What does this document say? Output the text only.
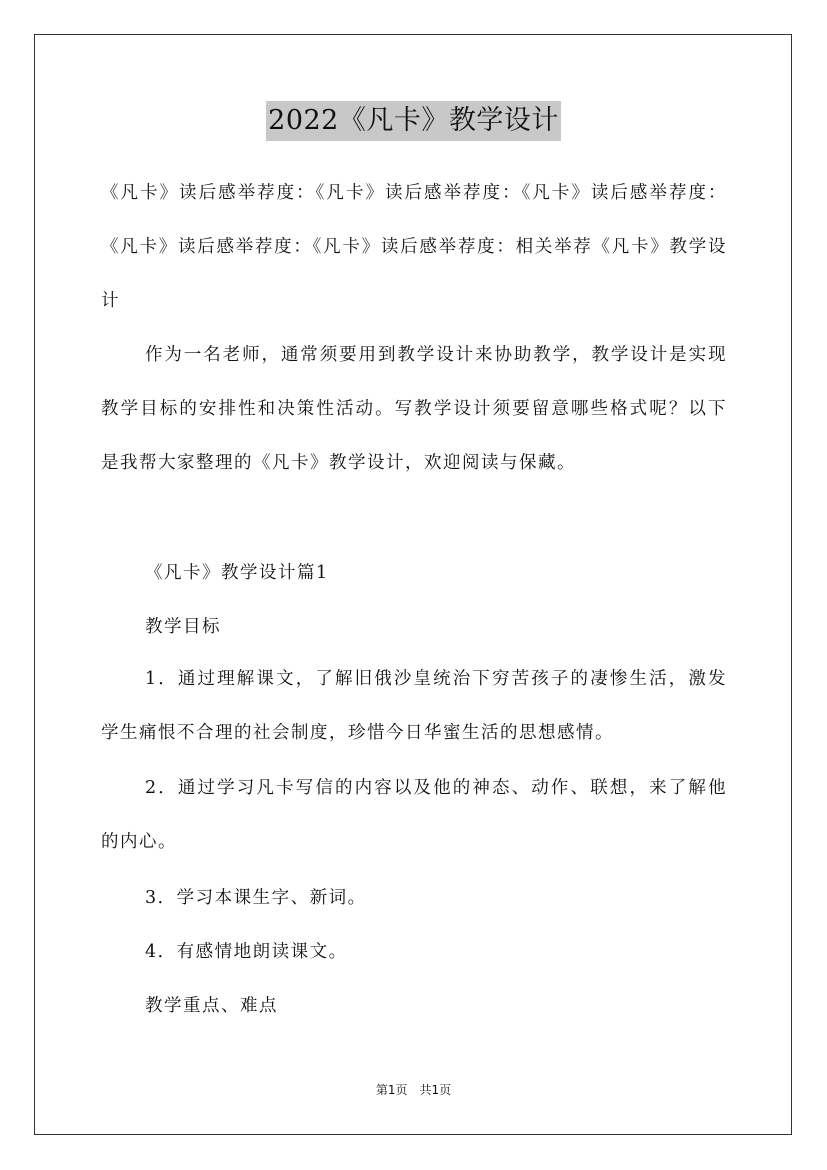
2022《凡卡》教学设计

《凡卡》读后感举荐度：《凡卡》读后感举荐度：《凡卡》读后感举荐度：《凡卡》读后感举荐度：《凡卡》读后感举荐度：相关举荐《凡卡》教学设计

作为一名老师，通常须要用到教学设计来协助教学，教学设计是实现教学目标的安排性和决策性活动。写教学设计须要留意哪些格式呢？以下是我帮大家整理的《凡卡》教学设计，欢迎阅读与保藏。

《凡卡》教学设计篇1

教学目标

1．通过理解课文，了解旧俄沙皇统治下穷苦孩子的凄惨生活，激发学生痛恨不合理的社会制度，珍惜今日华蜜生活的思想感情。

2．通过学习凡卡写信的内容以及他的神态、动作、联想，来了解他的内心。

3．学习本课生字、新词。

4．有感情地朗读课文。

教学重点、难点

第1页　共1页
